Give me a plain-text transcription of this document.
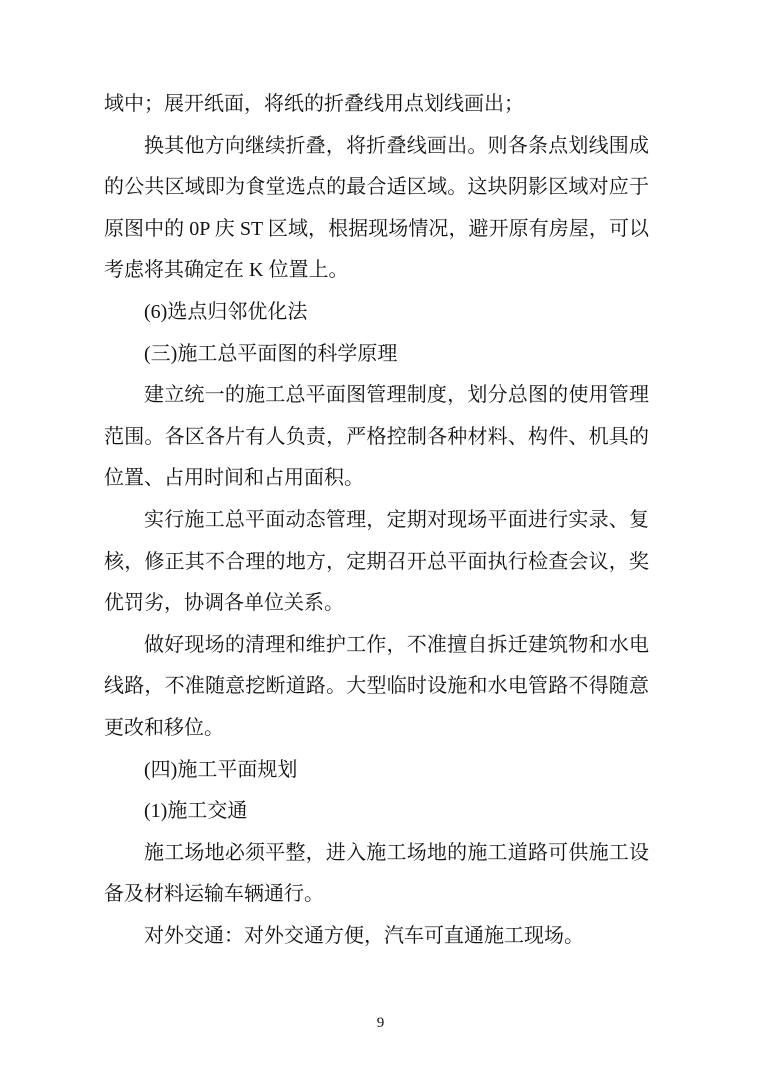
域中；展开纸面，将纸的折叠线用点划线画出；

换其他方向继续折叠，将折叠线画出。则各条点划线围成的公共区域即为食堂选点的最合适区域。这块阴影区域对应于原图中的 0P 庆 ST 区域，根据现场情况，避开原有房屋，可以考虑将其确定在 K 位置上。

(6)选点归邻优化法

(三)施工总平面图的科学原理

建立统一的施工总平面图管理制度，划分总图的使用管理范围。各区各片有人负责，严格控制各种材料、构件、机具的位置、占用时间和占用面积。

实行施工总平面动态管理，定期对现场平面进行实录、复核，修正其不合理的地方，定期召开总平面执行检查会议，奖优罚劣，协调各单位关系。

做好现场的清理和维护工作，不准擅自拆迁建筑物和水电线路，不准随意挖断道路。大型临时设施和水电管路不得随意更改和移位。

(四)施工平面规划

(1)施工交通

施工场地必须平整，进入施工场地的施工道路可供施工设备及材料运输车辆通行。

对外交通：对外交通方便，汽车可直通施工现场。

9
